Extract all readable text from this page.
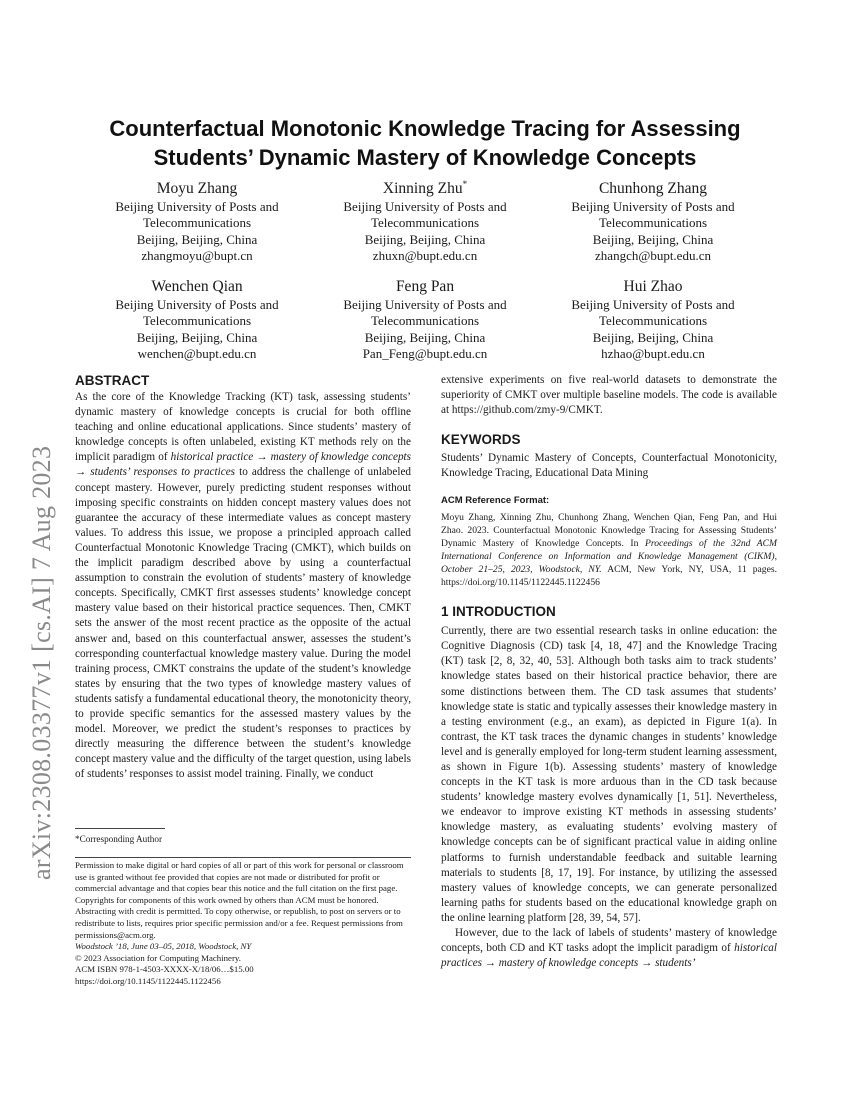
arXiv:2308.03377v1 [cs.AI] 7 Aug 2023
Counterfactual Monotonic Knowledge Tracing for Assessing Students’ Dynamic Mastery of Knowledge Concepts
Moyu Zhang
Beijing University of Posts and
Telecommunications
Beijing, Beijing, China
zhangmoyu@bupt.cn
Xinning Zhu*
Beijing University of Posts and
Telecommunications
Beijing, Beijing, China
zhuxn@bupt.edu.cn
Chunhong Zhang
Beijing University of Posts and
Telecommunications
Beijing, Beijing, China
zhangch@bupt.edu.cn
Wenchen Qian
Beijing University of Posts and
Telecommunications
Beijing, Beijing, China
wenchen@bupt.edu.cn
Feng Pan
Beijing University of Posts and
Telecommunications
Beijing, Beijing, China
Pan_Feng@bupt.edu.cn
Hui Zhao
Beijing University of Posts and
Telecommunications
Beijing, Beijing, China
hzhao@bupt.edu.cn
ABSTRACT

As the core of the Knowledge Tracking (KT) task, assessing students’ dynamic mastery of knowledge concepts is crucial for both offline teaching and online educational applications. Since students’ mastery of knowledge concepts is often unlabeled, existing KT methods rely on the implicit paradigm of historical practice → mastery of knowledge concepts → students’ responses to practices to address the challenge of unlabeled concept mastery. However, purely predicting student responses without imposing specific constraints on hidden concept mastery values does not guarantee the accuracy of these intermediate values as concept mastery values. To address this issue, we propose a principled approach called Counterfactual Monotonic Knowledge Tracing (CMKT), which builds on the implicit paradigm described above by using a counterfactual assumption to constrain the evolution of students’ mastery of knowledge concepts. Specifically, CMKT first assesses students’ knowledge concept mastery value based on their historical practice sequences. Then, CMKT sets the answer of the most recent practice as the opposite of the actual answer and, based on this counterfactual answer, assesses the student’s corresponding counterfactual knowledge mastery value. During the model training process, CMKT constrains the update of the student’s knowledge states by ensuring that the two types of knowledge mastery values of students satisfy a fundamental educational theory, the monotonicity theory, to provide specific semantics for the assessed mastery values by the model. Moreover, we predict the student’s responses to practices by directly measuring the difference between the student’s knowledge concept mastery value and the difficulty of the target question, using labels of students’ responses to assist model training. Finally, we conduct

*Corresponding Author
Permission to make digital or hard copies of all or part of this work for personal or classroom use is granted without fee provided that copies are not made or distributed for profit or commercial advantage and that copies bear this notice and the full citation on the first page. Copyrights for components of this work owned by others than ACM must be honored. Abstracting with credit is permitted. To copy otherwise, or republish, to post on servers or to redistribute to lists, requires prior specific permission and/or a fee. Request permissions from permissions@acm.org.
Woodstock ’18, June 03–05, 2018, Woodstock, NY
© 2023 Association for Computing Machinery.
ACM ISBN 978-1-4503-XXXX-X/18/06…$15.00
https://doi.org/10.1145/1122445.1122456

extensive experiments on five real-world datasets to demonstrate the superiority of CMKT over multiple baseline models. The code is available at https://github.com/zmy-9/CMKT.

KEYWORDS

Students’ Dynamic Mastery of Concepts, Counterfactual Monotonicity, Knowledge Tracing, Educational Data Mining

ACM Reference Format:

Moyu Zhang, Xinning Zhu, Chunhong Zhang, Wenchen Qian, Feng Pan, and Hui Zhao. 2023. Counterfactual Monotonic Knowledge Tracing for Assessing Students’ Dynamic Mastery of Knowledge Concepts. In Proceedings of the 32nd ACM International Conference on Information and Knowledge Management (CIKM), October 21–25, 2023, Woodstock, NY. ACM, New York, NY, USA, 11 pages. https://doi.org/10.1145/1122445.1122456

1 INTRODUCTION

Currently, there are two essential research tasks in online education: the Cognitive Diagnosis (CD) task [4, 18, 47] and the Knowledge Tracing (KT) task [2, 8, 32, 40, 53]. Although both tasks aim to track students’ knowledge states based on their historical practice behavior, there are some distinctions between them. The CD task assumes that students’ knowledge state is static and typically assesses their knowledge mastery in a testing environment (e.g., an exam), as depicted in Figure 1(a). In contrast, the KT task traces the dynamic changes in students’ knowledge level and is generally employed for long-term student learning assessment, as shown in Figure 1(b). Assessing students’ mastery of knowledge concepts in the KT task is more arduous than in the CD task because students’ knowledge mastery evolves dynamically [1, 51]. Nevertheless, we endeavor to improve existing KT methods in assessing students’ knowledge mastery, as evaluating students’ evolving mastery of knowledge concepts can be of significant practical value in aiding online platforms to furnish understandable feedback and suitable learning materials to students [8, 17, 19]. For instance, by utilizing the assessed mastery values of knowledge concepts, we can generate personalized learning paths for students based on the educational knowledge graph on the online learning platform [28, 39, 54, 57].

However, due to the lack of labels of students’ mastery of knowledge concepts, both CD and KT tasks adopt the implicit paradigm of historical practices → mastery of knowledge concepts → students’
